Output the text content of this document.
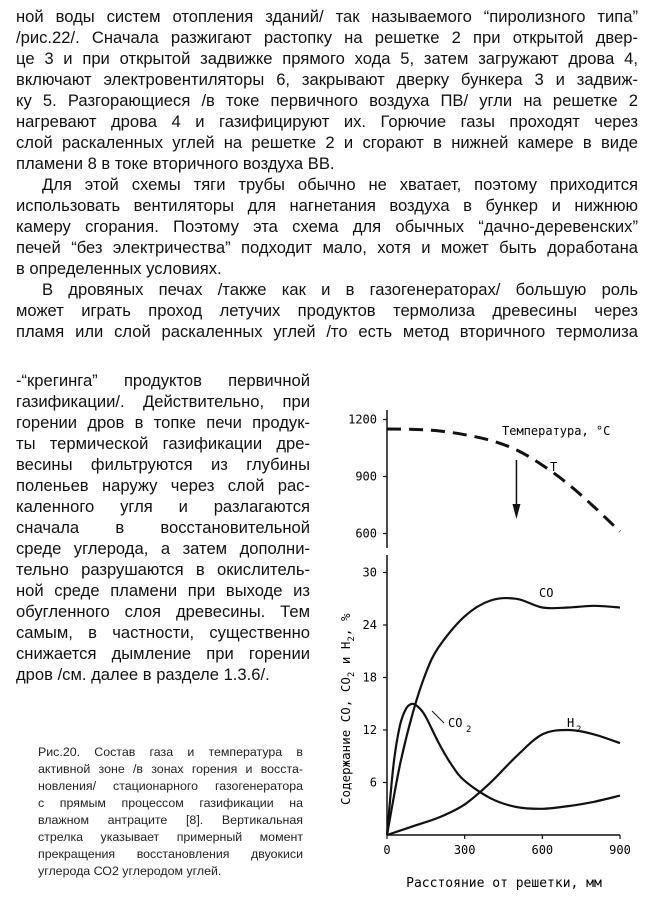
ной воды систем отопления зданий/ так называемого “пиролизного типа”
/рис.22/. Сначала разжигают растопку на решетке 2 при открытой двер-
це 3 и при открытой задвижке прямого хода 5, затем загружают дрова 4,
включают электровентиляторы 6, закрывают дверку бункера 3 и задвиж-
ку 5. Разгорающиеся /в токе первичного воздуха ПВ/ угли на решетке 2
нагревают дрова 4 и газифицируют их. Горючие газы проходят через
слой раскаленных углей на решетке 2 и сгорают в нижней камере в виде
пламени 8 в токе вторичного воздуха ВВ.
Для этой схемы тяги трубы обычно не хватает, поэтому приходится
использовать вентиляторы для нагнетания воздуха в бункер и нижнюю
камеру сгорания. Поэтому эта схема для обычных “дачно-деревенских”
печей “без электричества” подходит мало, хотя и может быть доработана
в определенных условиях.
В дровяных печах /также как и в газогенераторах/ большую роль
может играть проход летучих продуктов термолиза древесины через
пламя или слой раскаленных углей /то есть метод вторичного термолиза
-“крегинга” продуктов первичной
газификации/. Действительно, при
горении дров в топке печи продук-
ты термической газификации дре-
весины фильтруются из глубины
поленьев наружу через слой рас-
каленного угля и разлагаются
сначала в восстановительной
среде углерода, а затем дополни-
тельно разрушаются в окислитель-
ной среде пламени при выходе из
обугленного слоя древесины. Тем
самым, в частности, существенно
снижается дымление при горении
дров /см. далее в разделе 1.3.6/.
Рис.20. Состав газа и температура в
активной зоне /в зонах горения и восста-
новления/ стационарного газогенератора
с прямым процессом газификации на
влажном антраците [8]. Вертикальная
стрелка указывает примерный момент
прекращения восстановления двуокиси
углерода СО2 углеродом углей.
1200
900
600
6
12
18
24
30
0	300	600	900
Температура, °С
T
CO
CO 2	H 2
Содержание СО, $СО_2$ и $Н_2$, %
Расстояние от решетки, мм
